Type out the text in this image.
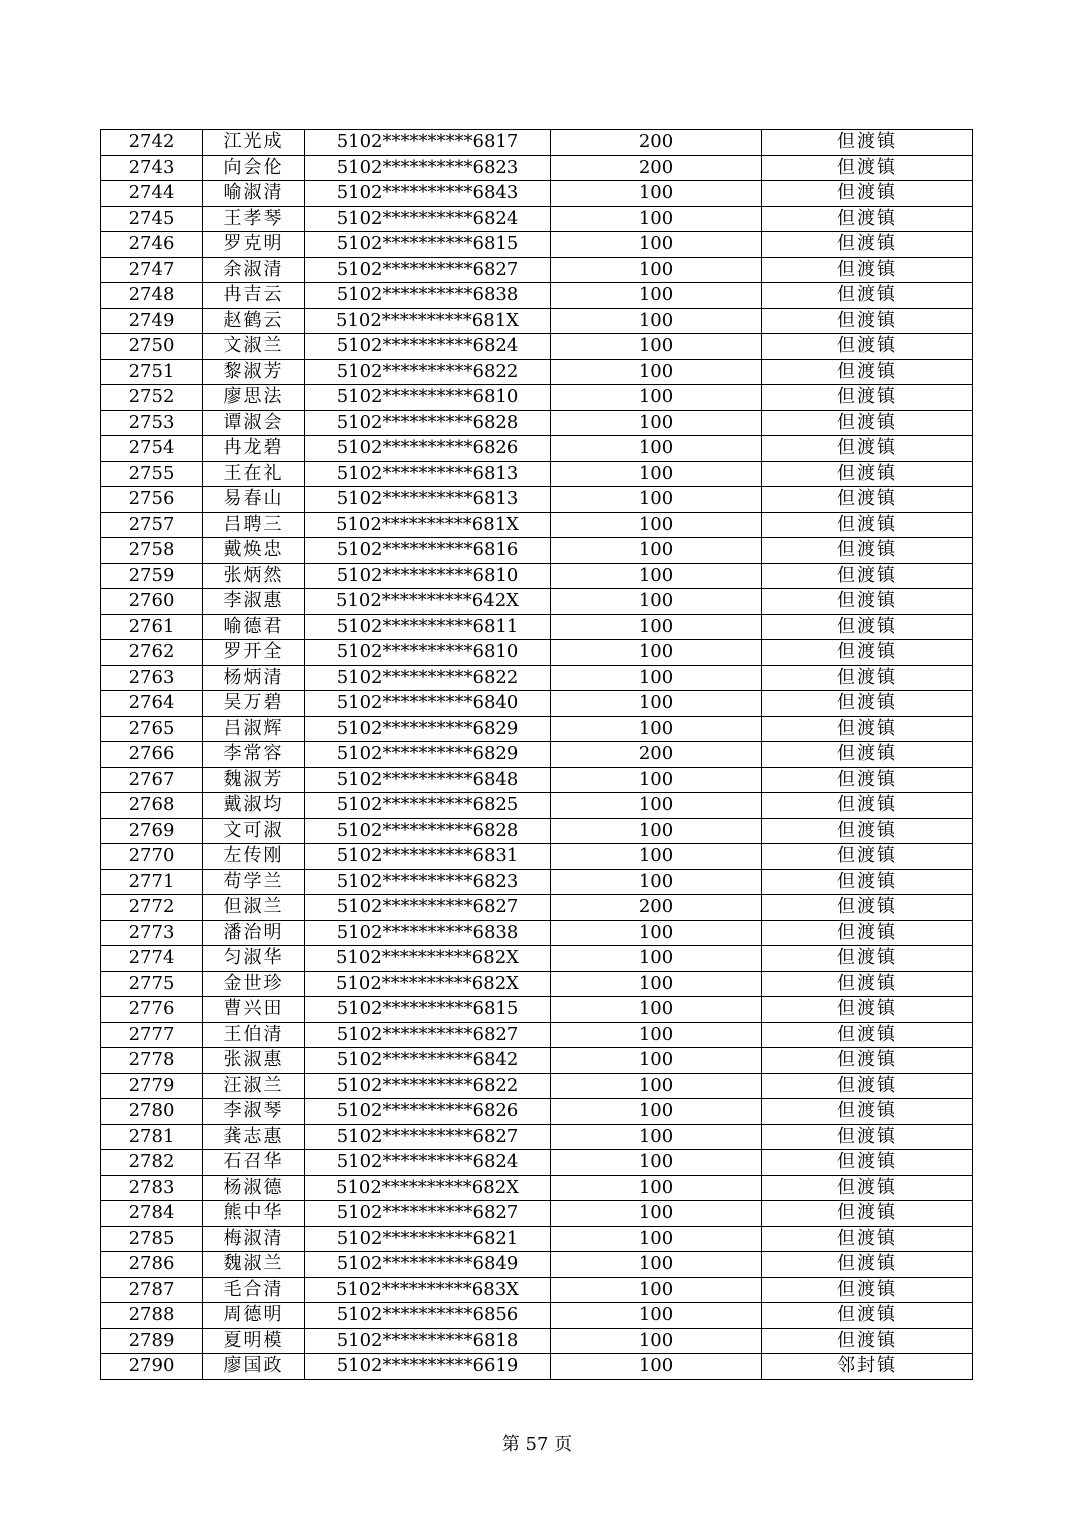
2742	江光成	5102**********6817	200	但渡镇
2743	向会伦	5102**********6823	200	但渡镇
2744	喻淑清	5102**********6843	100	但渡镇
2745	王孝琴	5102**********6824	100	但渡镇
2746	罗克明	5102**********6815	100	但渡镇
2747	余淑清	5102**********6827	100	但渡镇
2748	冉吉云	5102**********6838	100	但渡镇
2749	赵鹤云	5102**********681X	100	但渡镇
2750	文淑兰	5102**********6824	100	但渡镇
2751	黎淑芳	5102**********6822	100	但渡镇
2752	廖思法	5102**********6810	100	但渡镇
2753	谭淑会	5102**********6828	100	但渡镇
2754	冉龙碧	5102**********6826	100	但渡镇
2755	王在礼	5102**********6813	100	但渡镇
2756	易春山	5102**********6813	100	但渡镇
2757	吕聘三	5102**********681X	100	但渡镇
2758	戴焕忠	5102**********6816	100	但渡镇
2759	张炳然	5102**********6810	100	但渡镇
2760	李淑惠	5102**********642X	100	但渡镇
2761	喻德君	5102**********6811	100	但渡镇
2762	罗开全	5102**********6810	100	但渡镇
2763	杨炳清	5102**********6822	100	但渡镇
2764	吴万碧	5102**********6840	100	但渡镇
2765	吕淑辉	5102**********6829	100	但渡镇
2766	李常容	5102**********6829	200	但渡镇
2767	魏淑芳	5102**********6848	100	但渡镇
2768	戴淑均	5102**********6825	100	但渡镇
2769	文可淑	5102**********6828	100	但渡镇
2770	左传刚	5102**********6831	100	但渡镇
2771	苟学兰	5102**********6823	100	但渡镇
2772	但淑兰	5102**********6827	200	但渡镇
2773	潘治明	5102**********6838	100	但渡镇
2774	匀淑华	5102**********682X	100	但渡镇
2775	金世珍	5102**********682X	100	但渡镇
2776	曹兴田	5102**********6815	100	但渡镇
2777	王伯清	5102**********6827	100	但渡镇
2778	张淑惠	5102**********6842	100	但渡镇
2779	汪淑兰	5102**********6822	100	但渡镇
2780	李淑琴	5102**********6826	100	但渡镇
2781	龚志惠	5102**********6827	100	但渡镇
2782	石召华	5102**********6824	100	但渡镇
2783	杨淑德	5102**********682X	100	但渡镇
2784	熊中华	5102**********6827	100	但渡镇
2785	梅淑清	5102**********6821	100	但渡镇
2786	魏淑兰	5102**********6849	100	但渡镇
2787	毛合清	5102**********683X	100	但渡镇
2788	周德明	5102**********6856	100	但渡镇
2789	夏明模	5102**********6818	100	但渡镇
2790	廖国政	5102**********6619	100	邻封镇
第 57 页
